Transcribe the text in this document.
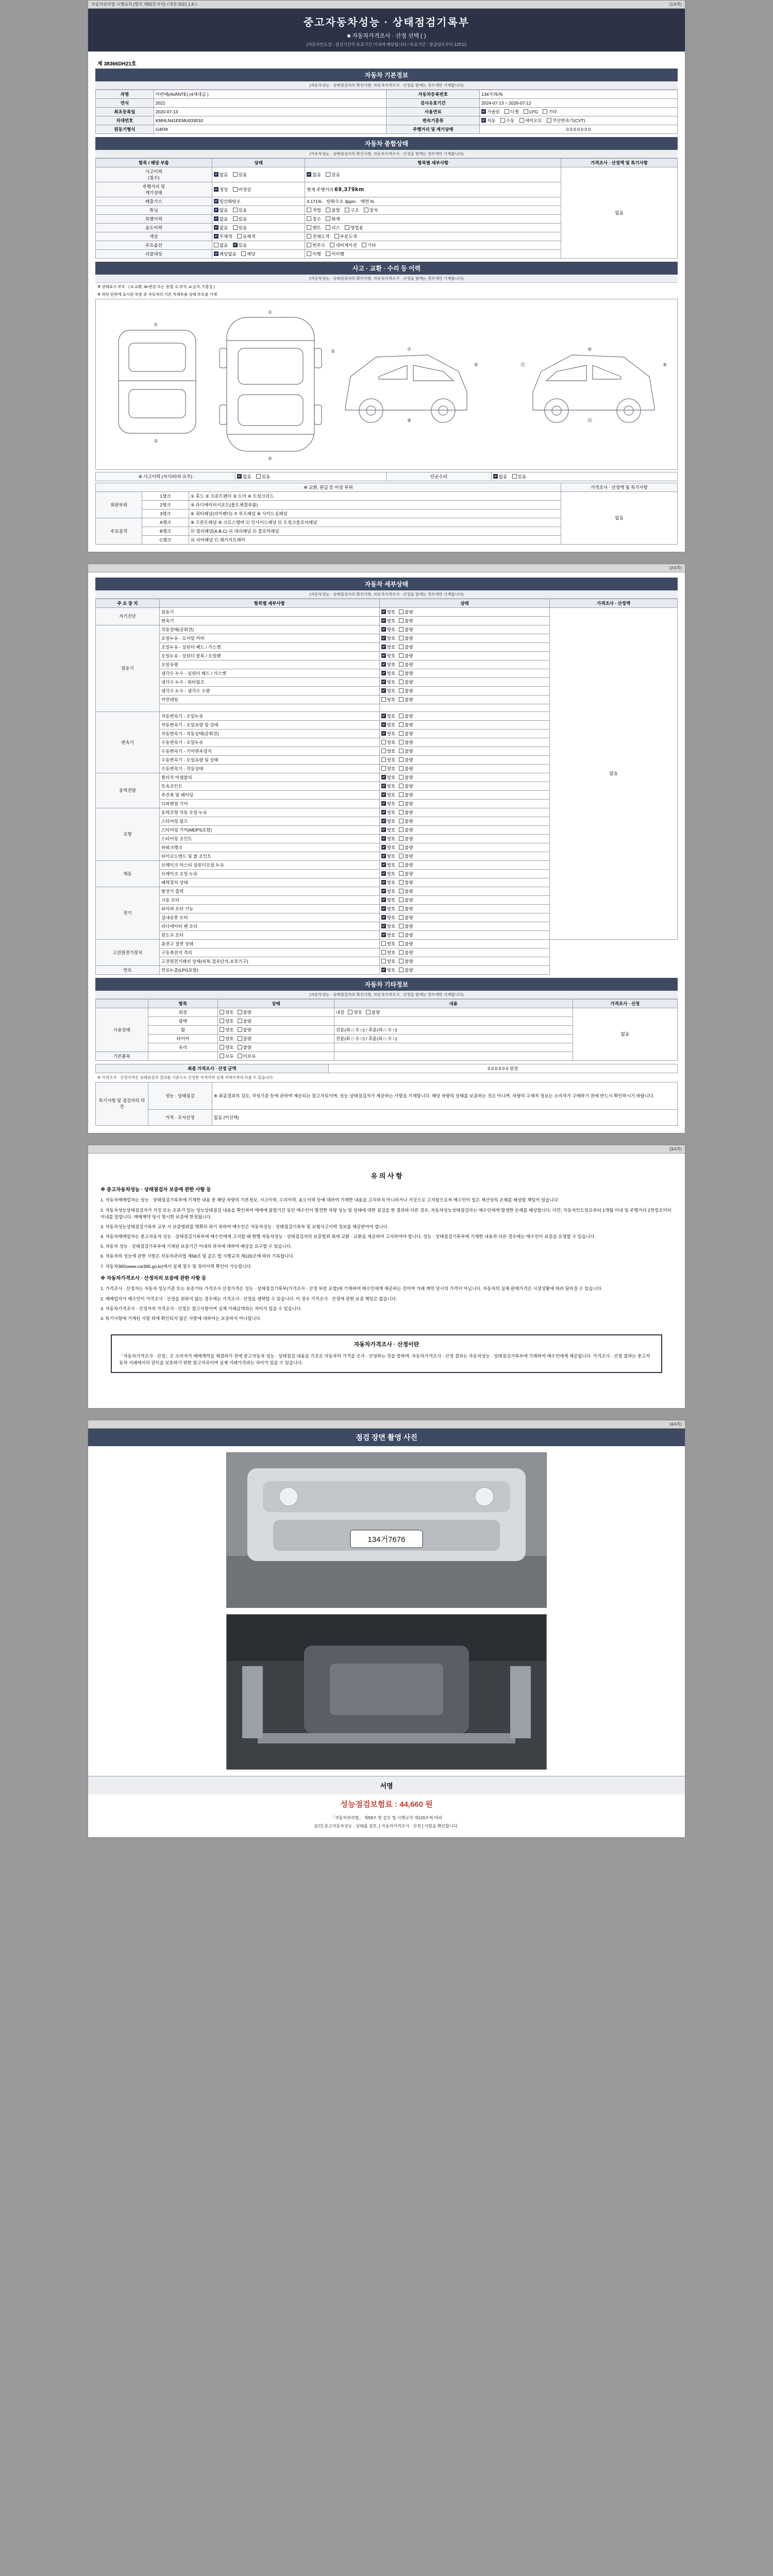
자동차관리법 시행규칙 [별지 제82호서식] <개정 2021.1.8.>	(1/4쪽)
중고자동차성능 · 상태점검기록부
■ 자동차가격조사 · 산정 선택 ( )
(자동차인도일 : 점검기간의 유효기간 이내에 해당됩니다 / 유효기간 : 발급일로부터 120일)
제 38366DH21호
자동차 기본정보
(자동차성능 · 상태점검자의 확인사항, 자동차가격조사 · 산정을 함께는 경우에만 기재합니다)
차명	아반떼(AVANTE) (4세대급 )	자동차등록번호	134거7676
연식	2021	검사유효기간	2024-07-13 ~ 2026-07-12
최초등록일	2020-07-13	사용연료	가솔린 디젤 LPG 기타
차대번호	KMHLN41EEMU033010	변속기종류	자동 수동 세미오토 무단변속기(CVT)
원동기형식	G4FM	주행거리 및 계기상태	0 0 0 0 0 0 0
자동차 종합상태
(자동차성능 · 상태점검자의 확인사항, 자동차가격조사 · 산정을 함께는 경우에만 기재합니다)
항목 / 해당 부품	상태	항목별 세부사항	가격조사 · 산정액 및 특기사항
사고이력
(침수)	없음 있음	없음 있음	없음
주행거리 및
계기상태	정상 비정상	현재 주행거리 69,379km	
배출가스	일산화탄소	0.171% 탄화수소 3ppm 매연 %	
튜닝	없음 있음	적법 불법 구조 장치	
특별이력	없음 있음	침수 화재	
용도이력	없음 있음	렌트 리스 영업용	
색상	무채색 유채색	전체도색 부분도색	
주요옵션	없음 있음	썬루프 네비게이션 기타	
리콜대상	해당없음 해당	이행 미이행	
사고 · 교환 · 수리 등 이력
(자동차성능 · 상태점검자의 확인사항, 자동차가격조사 · 산정을 함께는 경우에만 기재합니다)
※ 상태표시 부호 : ( X:교환, W:판금 또는 용접, C:부식, A:굴곡, T:흠집 )
※ 하단 단면에 표시된 부분 중 자동차의 기본 차체부품 상태 부호를 기재
②
③
①
④
⑤	⑦
⑥
⑧
⑨
⑩
⑪
⑫
※ 사고이력 (자기/타차 유무)	없음 있음	단순수리	없음 있음
※ 교환, 판금 등 이상 부위			가격조사 · 산정액 및 특기사항
외판부위	1랭크	① 후드 ② 프론트펜더 ③ 도어 ④ 트렁크리드	없음
	2랭크	⑤ 라디에이터서포트(볼트체결부품)	
	3랭크	⑥ 쿼터패널(리어펜더) ⑦ 루프패널 ⑧ 사이드실패널	
주요골격	A랭크	⑨ 프론트패널 ⑩ 크로스멤버 ⑪ 인사이드패널 ⑫ 트렁크플로어패널	
	B랭크	⑬ 필러패널(A,B,C) ⑭ 대쉬패널 ⑮ 플로어패널	
	C랭크	⑯ 리어패널 ⑰ 패키지트레이	
(2/4쪽)
자동차 세부상태
(자동차성능 · 상태점검자의 확인사항, 자동차가격조사 · 산정을 함께는 경우에만 기재합니다)
주 요 장 치	항목별 세부사항	상태	가격조사 · 산정액
자기진단	원동기	양호 불량	없음
	변속기	양호 불량	
원동기	작동상태(공회전)	양호 불량	
	오일누유 - 로커암 커버	양호 불량	
	오일누유 - 실린더 헤드 / 가스켓	양호 불량	
	오일누유 - 실린더 블록 / 오일팬	양호 불량	
	오일유량	양호 불량	
	냉각수 누수 - 실린더 헤드 / 가스켓	양호 불량	
	냉각수 누수 - 워터펌프	양호 불량	
	냉각수 누수 - 냉각수 수량	양호 불량	
	커먼레일	양호 불량	

변속기	자동변속기 - 오일누유	양호 불량	
	자동변속기 - 오일유량 및 상태	양호 불량	
	자동변속기 - 작동상태(공회전)	양호 불량	
	수동변속기 - 오일누유	양호 불량	
	수동변속기 - 기어변속장치	양호 불량	
	수동변속기 - 오일유량 및 상태	양호 불량	
	수동변속기 - 작동상태	양호 불량	
동력전달	클러치 어셈블리	양호 불량	
	등속조인트	양호 불량	
	추진축 및 베어링	양호 불량	
	디퍼렌셜 기어	양호 불량	
조향	동력조향 작동 오일 누유	양호 불량	
	스티어링 펌프	양호 불량	
	스티어링 기어(MDPS포함)	양호 불량	
	스티어링 조인트	양호 불량	
	파워크랭크	양호 불량	
	타이로드엔드 및 볼 조인트	양호 불량	
제동	브레이크 마스터 실린더오일 누유	양호 불량	
	브레이크 오일 누유	양호 불량	
	배력장치 상태	양호 불량	
전기	발전기 출력	양호 불량	
	시동 모터	양호 불량	
	와이퍼 모터 기능	양호 불량	
	실내송풍 모터	양호 불량	
	라디에이터 팬 모터	양호 불량	
	윈도우 모터	양호 불량	
고전원전기장치	충전구 절연 상태	양호 불량	
	구동축전지 격리	양호 불량	
	고전원전기배선 상태(피복,접속단자,보호기구)	양호 불량	
연료	연료누출(LPG포함)	양호 불량	
자동차 기타정보
(자동차성능 · 상태점검자의 확인사항, 자동차가격조사 · 산정을 함께는 경우에만 기재합니다)
	항목	상태	내용	가격조사 · 산정
사용상태	외장	양호 불량	내장 양호 불량	없음
	광택	양호 불량		
	휠	양호 불량	전륜(좌 □ 우 □) / 후륜(좌 □ 우 □)	
	타이어	양호 불량	전륜(좌 □ 우 □) / 후륜(좌 □ 우 □)	
	유리	양호 불량		
기본품목		보유 미보유		
최종 가격조사 · 산정 금액	0 0 0 0 0 0 원정
※ 가격조사 · 산정가격은 상태점검의 결과를 기준으로 산정한 가격이며 실제 거래가격과 다를 수 있습니다.
특기사항 및 점검자의 의견	성능 · 상태점검	※ 최종결과의 검토, 작성기준 등에 관하여 제공되는 참고자료이며, 성능·상태점검자가 제공하는 사항을 기재합니다. 해당 차량의 상태를 보증하는 것은 아니며, 차량의 구체적 정보는 소비자가 구매하기 전에 반드시 확인하시기 바랍니다.
	가격 · 조사산정	없음 (미선택)
(3/4쪽)
유 의 사 항
※ 중고자동차성능 · 상태점검자 보증에 관한 사항 등

1. 자동차매매업자는 성능 · 상태점검기록부에 기재한 내용 중 해당 차량의 기본정보, 사고이력, 수리이력, 용도이력 등에 대하여 기재한 내용을 고지하지 아니하거나 거짓으로 고지함으로써 매수인이 입은 재산상의 손해를 배상할 책임이 있습니다.

2. 자동차성능상태점검자가 거짓 또는 오류가 있는 성능상태점검 내용을 확인하여 매매에 불합기간 동안 매수인이 발견한 차량 성능 및 상태에 대한 점검을 한 결과와 다른 경우, 자동차성능상태점검자는 매수인에게 발생한 손해를 배상합니다. 다만, 자동차인도일로부터 1개월 이내 및 주행거리 2천킬로미터 이내를 말합니다. 매매계약 당시 명시한 보증에 한정됩니다.

3. 자동차성능상태점검기록부 교부 시 보증범위를 명확히 하기 위하여 매수인은 자동차성능 · 상태점검기록부 및 보험사고이력 정보를 제공받아야 합니다.

4. 자동차매매업자는 중고자동차 성능 · 상태점검기록부에 매수인에게 고지할 때 현행 자동차성능 · 상태점검자의 보증범위 외에 교환 · 교환을 제공하여 고지하여야 합니다. 성능 · 상태점검기록부에 기재한 내용과 다른 경우에는 매수인이 보증을 요청할 수 있습니다.

5. 자동차 성능 · 상태점검기록부에 기재된 보증기간 이내의 하자에 대하여 배상을 요구할 수 있습니다.

6. 자동차의 성능에 관한 사항은 자동차관리법 제58조 및 같은 법 시행규칙 제120조에 따라 기록합니다.

7. 자동차365(www.car365.go.kr)에서 실제 침수 및 정비이력 확인이 가능합니다.

※ 자동차가격조사 · 산정자의 보증에 관한 사항 등

1. 가격조사 · 산정자는 자동차 성능기준 또는 보증기타 가격조사 산정가격은 성능 · 상태점검기록부(가격조사 · 산정 부분 포함)에 기재하여 매수인에게 제공하는 것이며 거래 계약 당시의 가격이 아닙니다. 자동차의 실제 판매가격은 시장상황에 따라 달라질 수 있습니다.

2. 매매업자가 매수인이 가격조사 · 산정을 원하지 않는 경우에는 가격조사 · 산정을 생략할 수 있습니다. 이 경우 가격조사 · 산정에 관한 보증 책임은 없습니다.

3. 자동차가격조사 · 산정자의 가격조사 · 산정은 참고사항이며 실제 거래금액과는 차이가 있을 수 있습니다.

4. 특기사항에 기재된 사항 외에 확인되지 않은 사항에 대하여는 보증하지 아니합니다.

자동차가격조사 · 산정이란
「자동차가격조사 · 산정」은 소비자가 매매계약을 체결하기 전에 중고자동차 성능 · 상태점검 내용을 기초로 자동차의 가격을 조사 · 산정하는 것을 말하며, 자동차가격조사 · 산정 결과는 자동차성능 · 상태점검기록부에 기재하여 매수인에게 제공됩니다. 가격조사 · 산정 결과는 중고자동차 거래에서의 권익을 보호하기 위한 참고자료이며 실제 거래가격과는 차이가 있을 수 있습니다.
(4/4쪽)
점검 장면 촬영 사진
134거7676
서명
성능점검보험료 : 44,660 원
「자동차관리법」 제58조 및 같은 법 시행규칙 제120조에 따라
[1인] 중고자동차성능 · 상태를 검토, [ 자동차가격조사 · 산정 ] 사항을 확인합니다.
